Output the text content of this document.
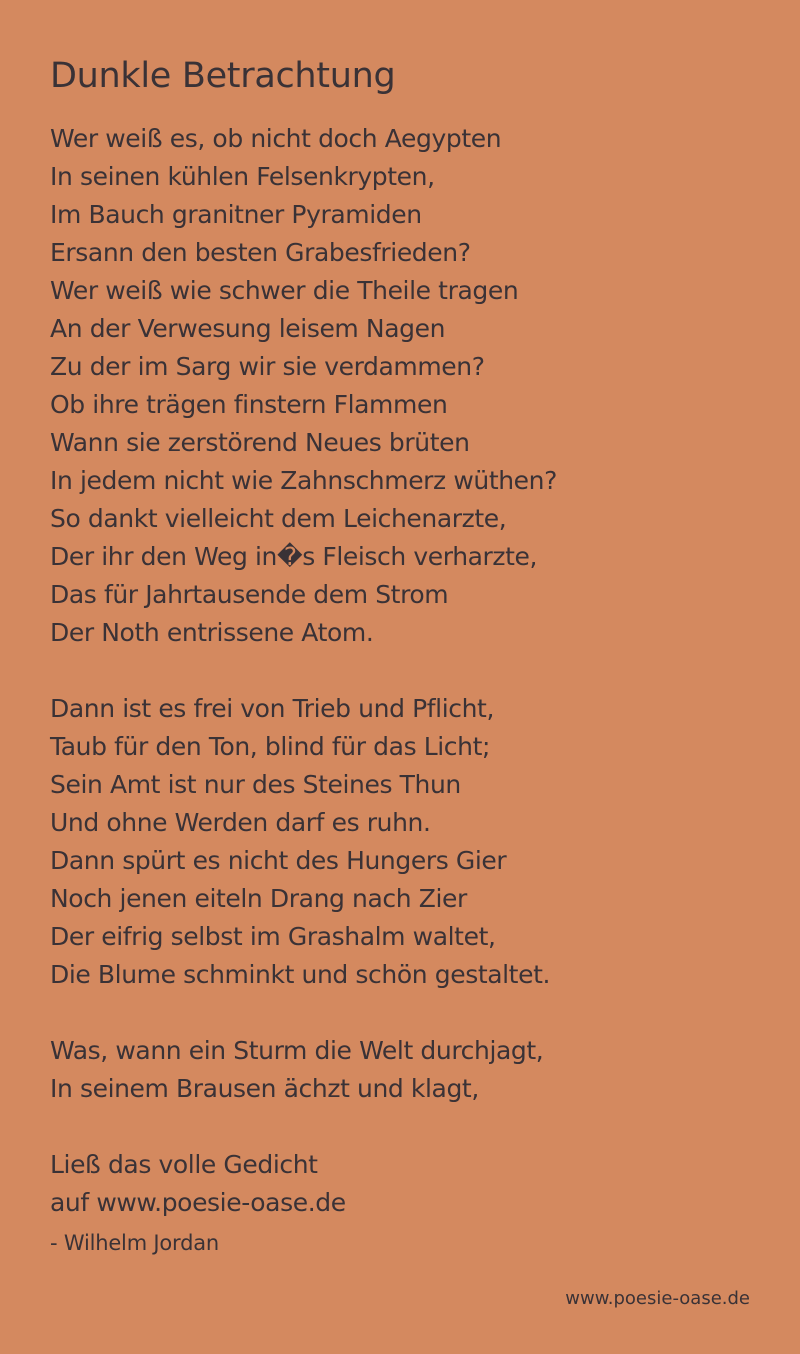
Dunkle Betrachtung
Wer weiß es, ob nicht doch Aegypten
In seinen kühlen Felsenkrypten,
Im Bauch granitner Pyramiden
Ersann den besten Grabesfrieden?
Wer weiß wie schwer die Theile tragen
An der Verwesung leisem Nagen
Zu der im Sarg wir sie verdammen?
Ob ihre trägen finstern Flammen
Wann sie zerstörend Neues brüten
In jedem nicht wie Zahnschmerz wüthen?
So dankt vielleicht dem Leichenarzte,
Der ihr den Weg in�s Fleisch verharzte,
Das für Jahrtausende dem Strom
Der Noth entrissene Atom.
Dann ist es frei von Trieb und Pflicht,
Taub für den Ton, blind für das Licht;
Sein Amt ist nur des Steines Thun
Und ohne Werden darf es ruhn.
Dann spürt es nicht des Hungers Gier
Noch jenen eiteln Drang nach Zier
Der eifrig selbst im Grashalm waltet,
Die Blume schminkt und schön gestaltet.
Was, wann ein Sturm die Welt durchjagt,
In seinem Brausen ächzt und klagt,
Ließ das volle Gedicht
auf www.poesie-oase.de
- Wilhelm Jordan
www.poesie-oase.de
